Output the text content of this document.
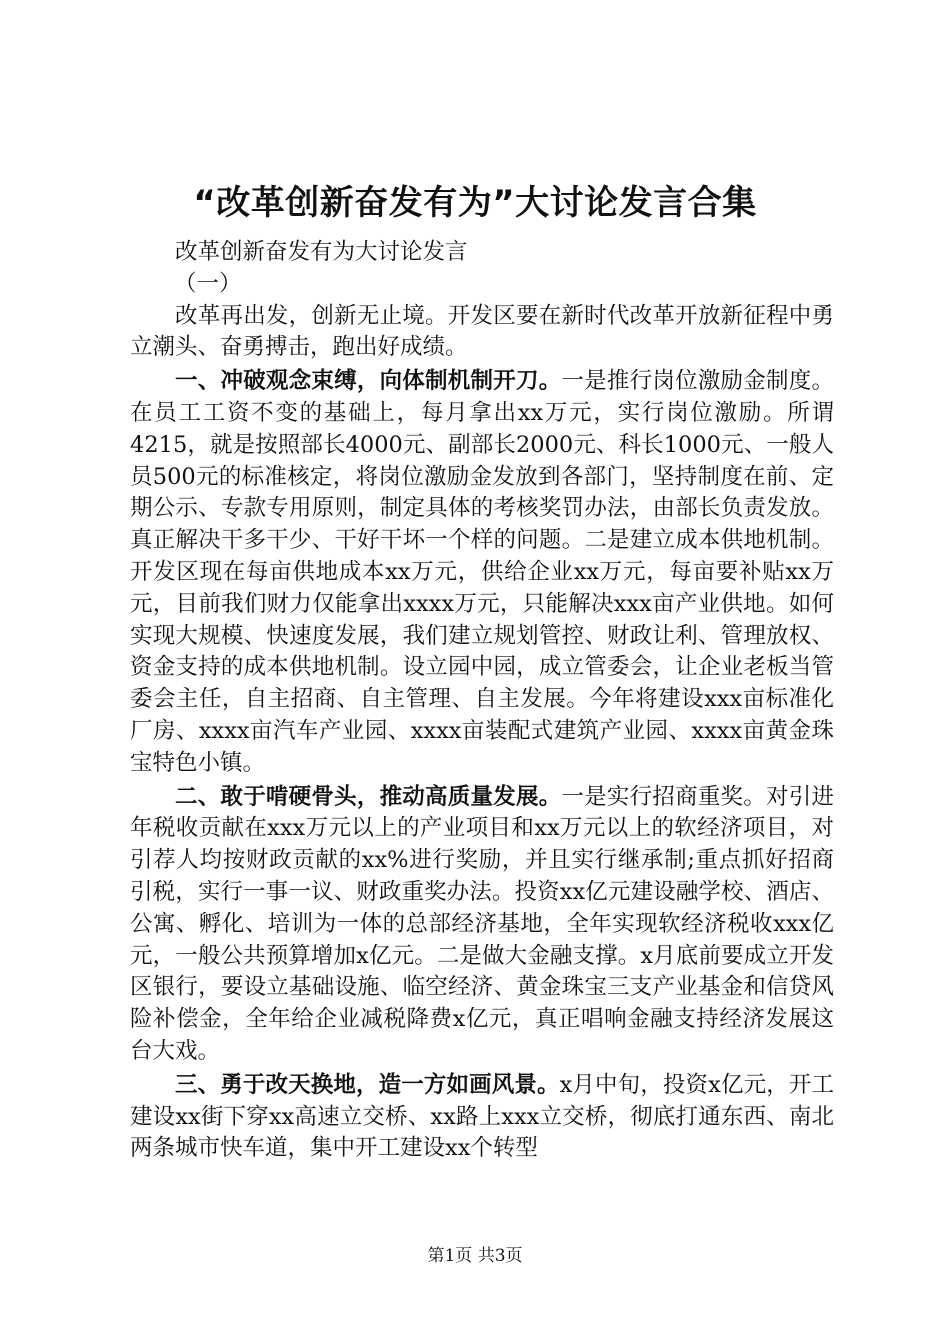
“改革创新奋发有为”大讨论发言合集

改革创新奋发有为大讨论发言

（一）

改革再出发，创新无止境。开发区要在新时代改革开放新征程中勇立潮头、奋勇搏击，跑出好成绩。

一、冲破观念束缚，向体制机制开刀。一是推行岗位激励金制度。在员工工资不变的基础上，每月拿出xx万元，实行岗位激励。所谓4215，就是按照部长4000元、副部长2000元、科长1000元、一般人员500元的标准核定，将岗位激励金发放到各部门，坚持制度在前、定期公示、专款专用原则，制定具体的考核奖罚办法，由部长负责发放。真正解决干多干少、干好干坏一个样的问题。二是建立成本供地机制。开发区现在每亩供地成本xx万元，供给企业xx万元，每亩要补贴xx万元，目前我们财力仅能拿出xxxx万元，只能解决xxx亩产业供地。如何实现大规模、快速度发展，我们建立规划管控、财政让利、管理放权、资金支持的成本供地机制。设立园中园，成立管委会，让企业老板当管委会主任，自主招商、自主管理、自主发展。今年将建设xxx亩标准化厂房、xxxx亩汽车产业园、xxxx亩装配式建筑产业园、xxxx亩黄金珠宝特色小镇。

二、敢于啃硬骨头，推动高质量发展。一是实行招商重奖。对引进年税收贡献在xxx万元以上的产业项目和xx万元以上的软经济项目，对引荐人均按财政贡献的xx%进行奖励，并且实行继承制;重点抓好招商引税，实行一事一议、财政重奖办法。投资xx亿元建设融学校、酒店、公寓、孵化、培训为一体的总部经济基地，全年实现软经济税收xxx亿元，一般公共预算增加x亿元。二是做大金融支撑。x月底前要成立开发区银行，要设立基础设施、临空经济、黄金珠宝三支产业基金和信贷风险补偿金，全年给企业减税降费x亿元，真正唱响金融支持经济发展这台大戏。

三、勇于改天换地，造一方如画风景。x月中旬，投资x亿元，开工建设xx街下穿xx高速立交桥、xx路上xxx立交桥，彻底打通东西、南北两条城市快车道，集中开工建设xx个转型

第1页 共3页
